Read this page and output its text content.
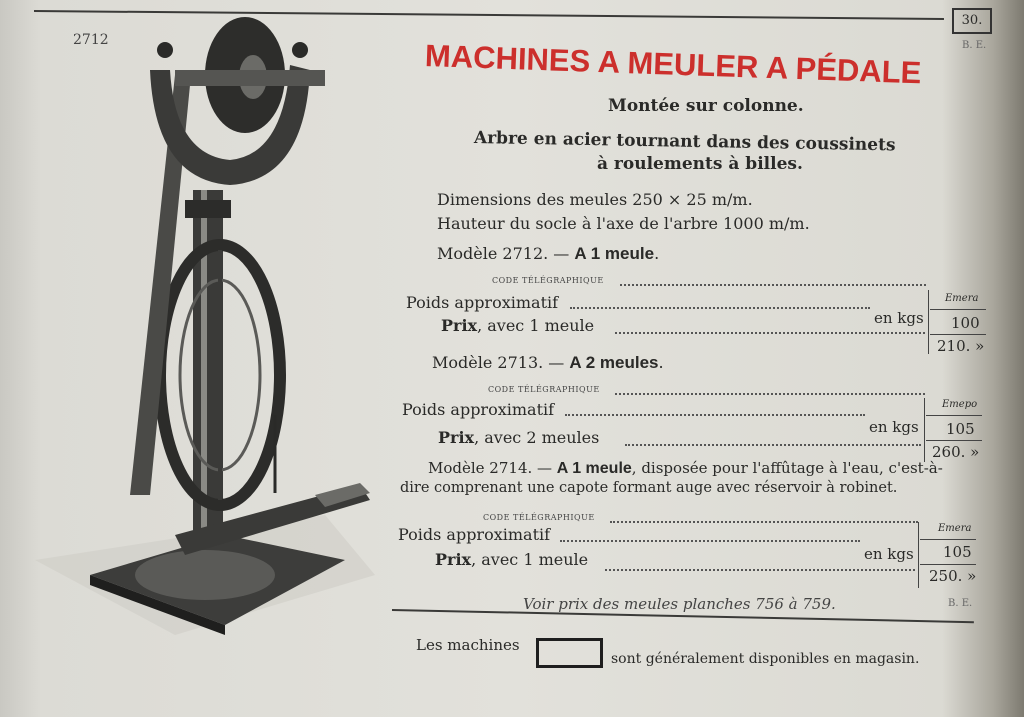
30.
B. E.
2712	MACHINES A MEULER A PÉDALE
Montée sur colonne.
Arbre en acier tournant dans des coussinets
à roulements à billes.
Dimensions des meules 250 × 25 m/m.
Hauteur du socle à l'axe de l'arbre 1000 m/m.
Modèle 2712. — A 1 meule.
CODE TÉLÉGRAPHIQUE
Poids approximatif
en kgs
Prix, avec 1 meule
Emera
100
210. »
Modèle 2713. — A 2 meules.
CODE TÉLÉGRAPHIQUE
Poids approximatif
en kgs
Prix, avec 2 meules
Emepo
105
260. »
Modèle 2714. — A 1 meule, disposée pour l'affûtage à l'eau, c'est-à-
dire comprenant une capote formant auge avec réservoir à robinet.
CODE TÉLÉGRAPHIQUE
Poids approximatif
en kgs
Prix, avec 1 meule
Emera
105
250. »
Voir prix des meules planches 756 à 759.	B. E.
Les machines
sont généralement disponibles en magasin.
